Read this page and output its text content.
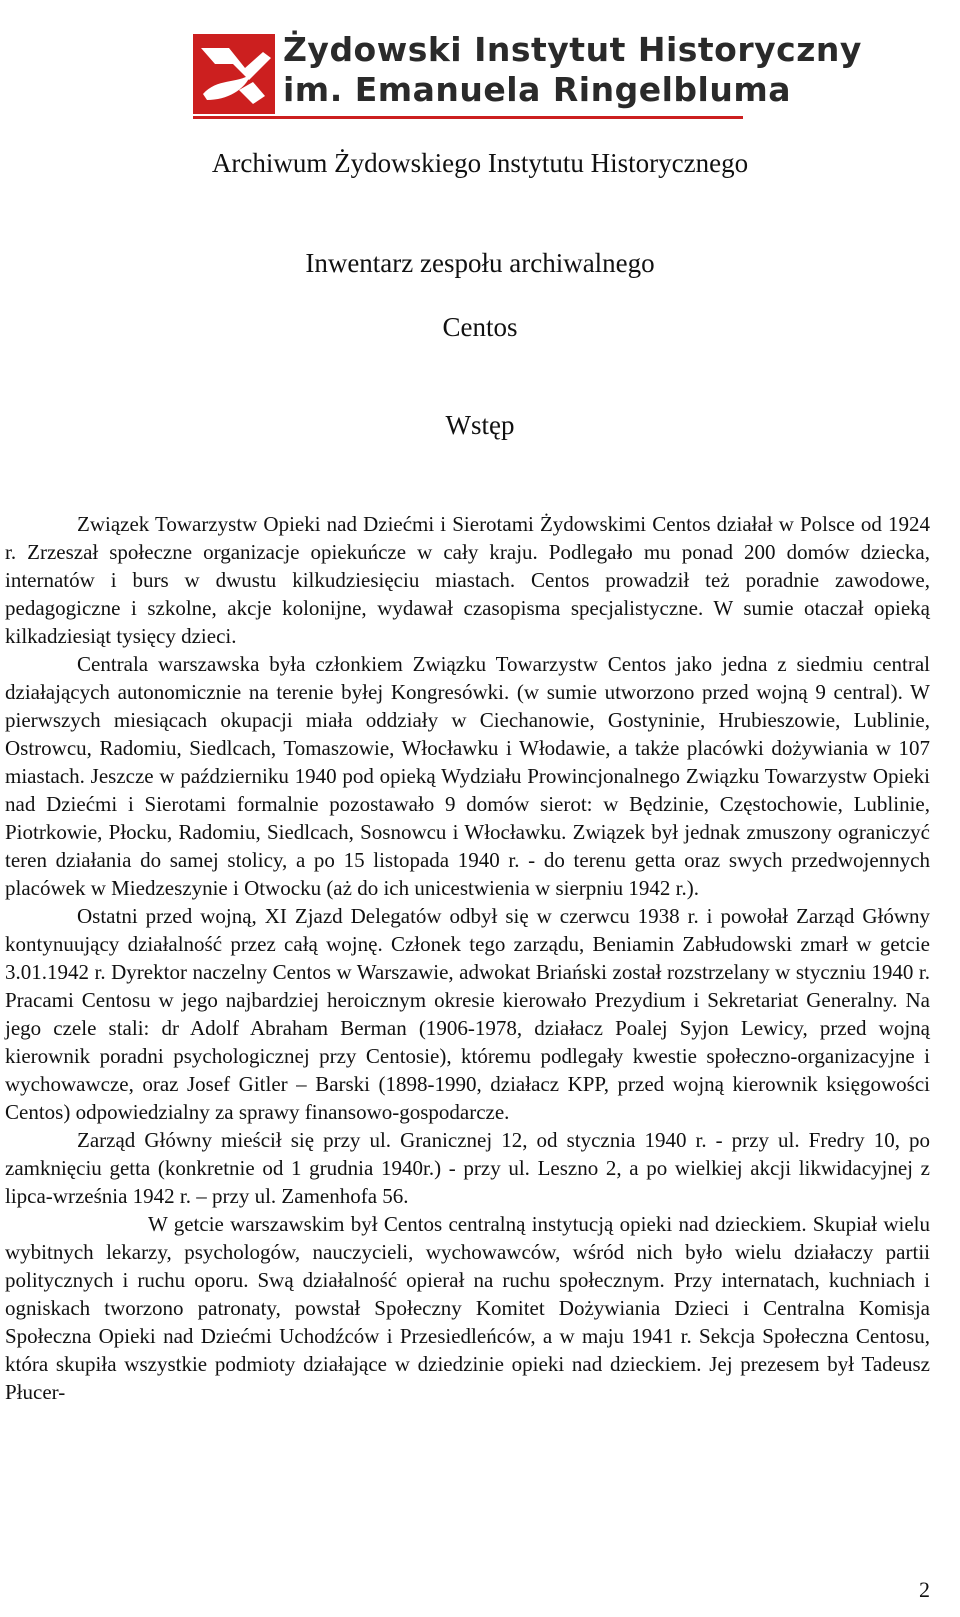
Żydowski Instytut Historyczny
im. Emanuela Ringelbluma
Archiwum Żydowskiego Instytutu Historycznego
Inwentarz zespołu archiwalnego
Centos
Wstęp

Związek Towarzystw Opieki nad Dziećmi i Sierotami Żydowskimi Centos działał w Polsce od 1924 r. Zrzeszał społeczne organizacje opiekuńcze w cały kraju. Podlegało mu ponad 200 domów dziecka, internatów i burs w dwustu kilkudziesięciu miastach. Centos prowadził też poradnie zawodowe, pedagogiczne i szkolne, akcje kolonijne, wydawał czasopisma specjalistyczne. W sumie otaczał opieką kilkadziesiąt tysięcy dzieci.

Centrala warszawska była członkiem Związku Towarzystw Centos jako jedna z siedmiu central działających autonomicznie na terenie byłej Kongresówki. (w sumie utworzono przed wojną 9 central). W pierwszych miesiącach okupacji miała oddziały w Ciechanowie, Gostyninie, Hrubieszowie, Lublinie, Ostrowcu, Radomiu, Siedlcach, Tomaszowie, Włocławku i Włodawie, a także placówki dożywiania w 107 miastach. Jeszcze w październiku 1940 pod opieką Wydziału Prowincjonalnego Związku Towarzystw Opieki nad Dziećmi i Sierotami formalnie pozostawało 9 domów sierot: w Będzinie, Częstochowie, Lublinie, Piotrkowie, Płocku, Radomiu, Siedlcach, Sosnowcu i Włocławku. Związek był jednak zmuszony ograniczyć teren działania do samej stolicy, a po 15 listopada 1940 r. - do terenu getta oraz swych przedwojennych placówek w Miedzeszynie i Otwocku (aż do ich unicestwienia w sierpniu 1942 r.).

Ostatni przed wojną, XI Zjazd Delegatów odbył się w czerwcu 1938 r. i powołał Zarząd Główny kontynuujący działalność przez całą wojnę. Członek tego zarządu, Beniamin Zabłudowski zmarł w getcie 3.01.1942 r. Dyrektor naczelny Centos w Warszawie, adwokat Briański został rozstrzelany w styczniu 1940 r. Pracami Centosu w jego najbardziej heroicznym okresie kierowało Prezydium i Sekretariat Generalny. Na jego czele stali: dr Adolf Abraham Berman (1906-1978, działacz Poalej Syjon Lewicy, przed wojną kierownik poradni psychologicznej przy Centosie), któremu podlegały kwestie społeczno-organizacyjne i wychowawcze, oraz Josef Gitler – Barski (1898-1990, działacz KPP, przed wojną kierownik księgowości Centos) odpowiedzialny za sprawy finansowo-gospodarcze.

Zarząd Główny mieścił się przy ul. Granicznej 12, od stycznia 1940 r. - przy ul. Fredry 10, po zamknięciu getta (konkretnie od 1 grudnia 1940r.) - przy ul. Leszno 2, a po wielkiej akcji likwidacyjnej z lipca-września 1942 r. – przy ul. Zamenhofa 56.

W getcie warszawskim był Centos centralną instytucją opieki nad dzieckiem. Skupiał wielu wybitnych lekarzy, psychologów, nauczycieli, wychowawców, wśród nich było wielu działaczy partii politycznych i ruchu oporu. Swą działalność opierał na ruchu społecznym. Przy internatach, kuchniach i ogniskach tworzono patronaty, powstał Społeczny Komitet Dożywiania Dzieci i Centralna Komisja Społeczna Opieki nad Dziećmi Uchodźców i Przesiedleńców, a w maju 1941 r. Sekcja Społeczna Centosu, która skupiła wszystkie podmioty działające w dziedzinie opieki nad dzieckiem. Jej prezesem był Tadeusz Płucer-

2
